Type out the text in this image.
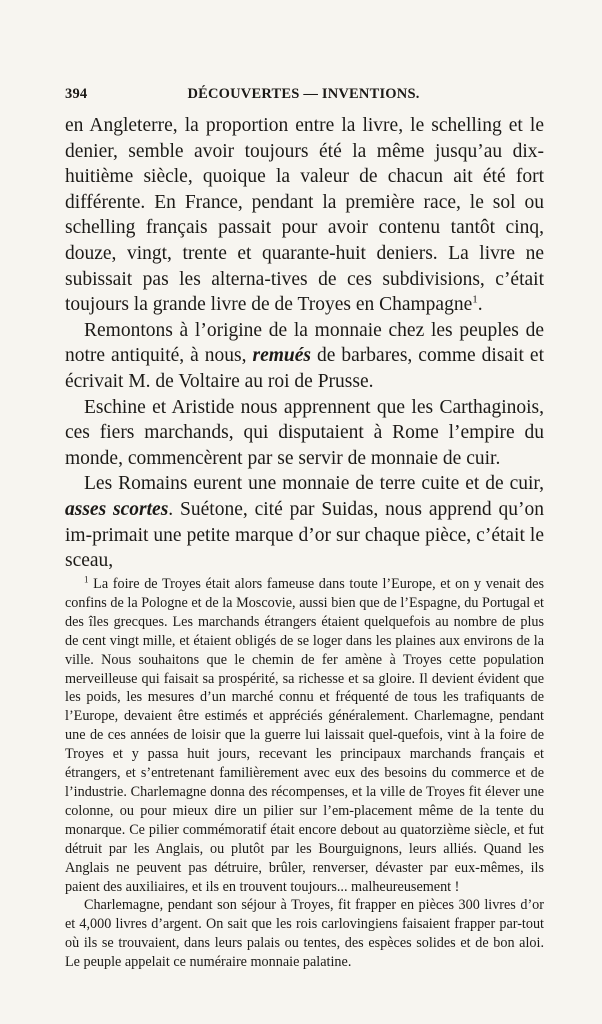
394	DÉCOUVERTES — INVENTIONS.

en Angleterre, la proportion entre la livre, le schelling et le denier, semble avoir toujours été la même jusqu’au dix-huitième siècle, quoique la valeur de chacun ait été fort différente. En France, pendant la première race, le sol ou schelling français passait pour avoir contenu tantôt cinq, douze, vingt, trente et quarante-huit deniers. La livre ne subissait pas les alterna-tives de ces subdivisions, c’était toujours la grande livre de de Troyes en Champagne$^1$.

Remontons à l’origine de la monnaie chez les peuples de notre antiquité, à nous, remués de barbares, comme disait et écrivait M. de Voltaire au roi de Prusse.

Eschine et Aristide nous apprennent que les Carthaginois, ces fiers marchands, qui disputaient à Rome l’empire du monde, commencèrent par se servir de monnaie de cuir.

Les Romains eurent une monnaie de terre cuite et de cuir, asses scortes. Suétone, cité par Suidas, nous apprend qu’on im-primait une petite marque d’or sur chaque pièce, c’était le sceau,

$^1$ La foire de Troyes était alors fameuse dans toute l’Europe, et on y venait des confins de la Pologne et de la Moscovie, aussi bien que de l’Espagne, du Portugal et des îles grecques. Les marchands étrangers étaient quelquefois au nombre de plus de cent vingt mille, et étaient obligés de se loger dans les plaines aux environs de la ville. Nous souhaitons que le chemin de fer amène à Troyes cette population merveilleuse qui faisait sa prospérité, sa richesse et sa gloire. Il devient évident que les poids, les mesures d’un marché connu et fréquenté de tous les trafiquants de l’Europe, devaient être estimés et appréciés généralement. Charlemagne, pendant une de ces années de loisir que la guerre lui laissait quel-quefois, vint à la foire de Troyes et y passa huit jours, recevant les principaux marchands français et étrangers, et s’entretenant familièrement avec eux des besoins du commerce et de l’industrie. Charlemagne donna des récompenses, et la ville de Troyes fit élever une colonne, ou pour mieux dire un pilier sur l’em-placement même de la tente du monarque. Ce pilier commémoratif était encore debout au quatorzième siècle, et fut détruit par les Anglais, ou plutôt par les Bourguignons, leurs alliés. Quand les Anglais ne peuvent pas détruire, brûler, renverser, dévaster par eux-mêmes, ils paient des auxiliaires, et ils en trouvent toujours... malheureusement !

Charlemagne, pendant son séjour à Troyes, fit frapper en pièces 300 livres d’or et 4,000 livres d’argent. On sait que les rois carlovingiens faisaient frapper par-tout où ils se trouvaient, dans leurs palais ou tentes, des espèces solides et de bon aloi. Le peuple appelait ce numéraire monnaie palatine.
